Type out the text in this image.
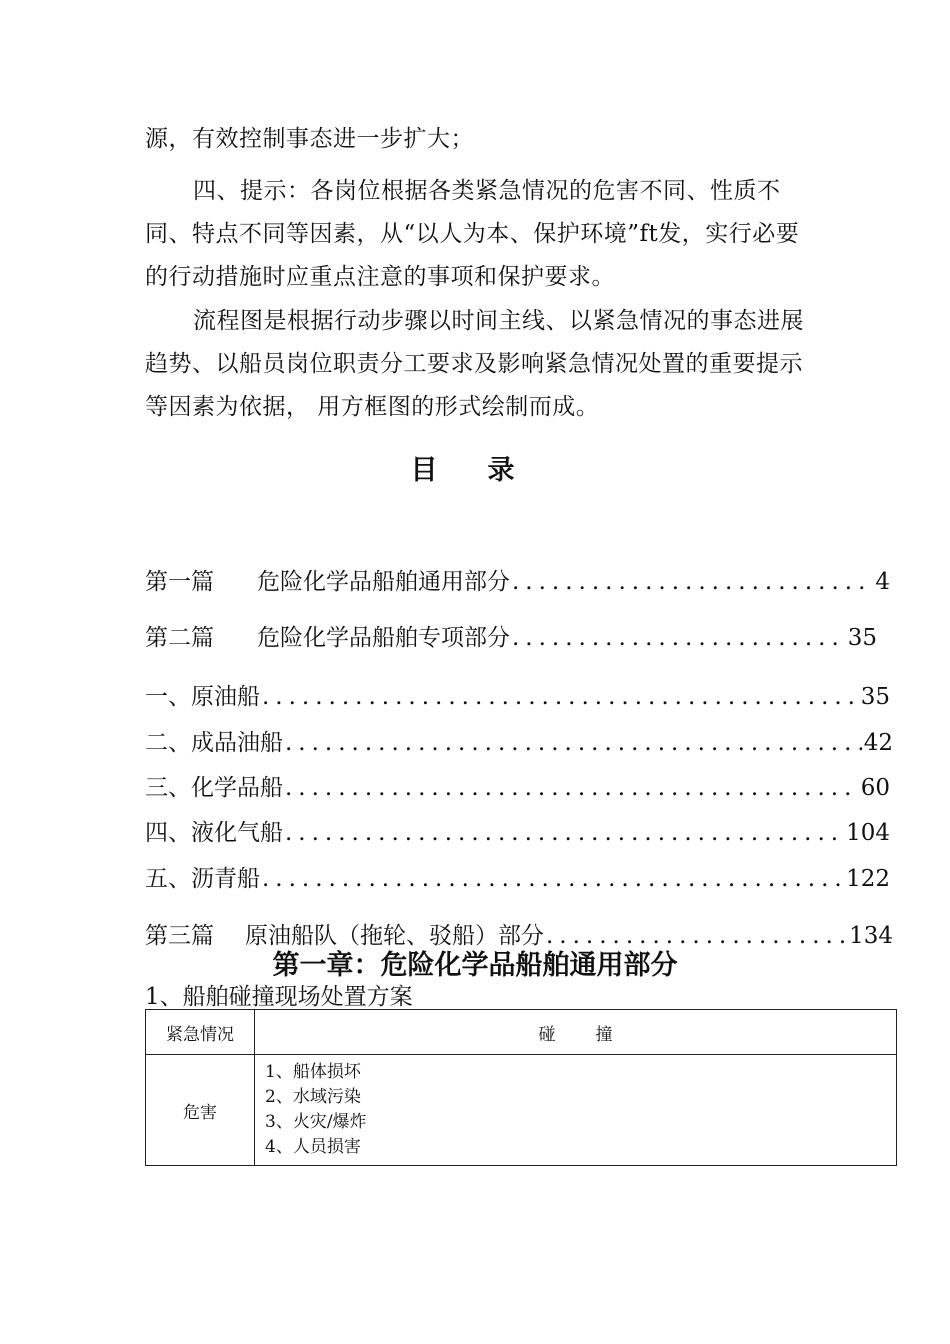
源，有效控制事态进一步扩大；

四、提示：各岗位根据各类紧急情况的危害不同、性质不同、特点不同等因素，从“以人为本、保护环境”ft发，实行必要的行动措施时应重点注意的事项和保护要求。

流程图是根据行动步骤以时间主线、以紧急情况的事态进展趋势、以船员岗位职责分工要求及影响紧急情况处置的重要提示等因素为依据， 用方框图的形式绘制而成。

目录
第一篇 危险化学品船舶通用部分 .....	4
第二篇 危险化学品船舶专项部分 .....	35
一、原油船 .....	35
二、成品油船 .....	42
三、化学品船 .....	60
四、液化气船 .....	104
五、沥青船 .....	122
第三篇 原油船队（拖轮、驳船）部分 .....	134
第一章：危险化学品船舶通用部分

1、船舶碰撞现场处置方案

紧急情况	碰撞
危害	1、船体损坏
2、水域污染
3、火灾/爆炸
4、人员损害
